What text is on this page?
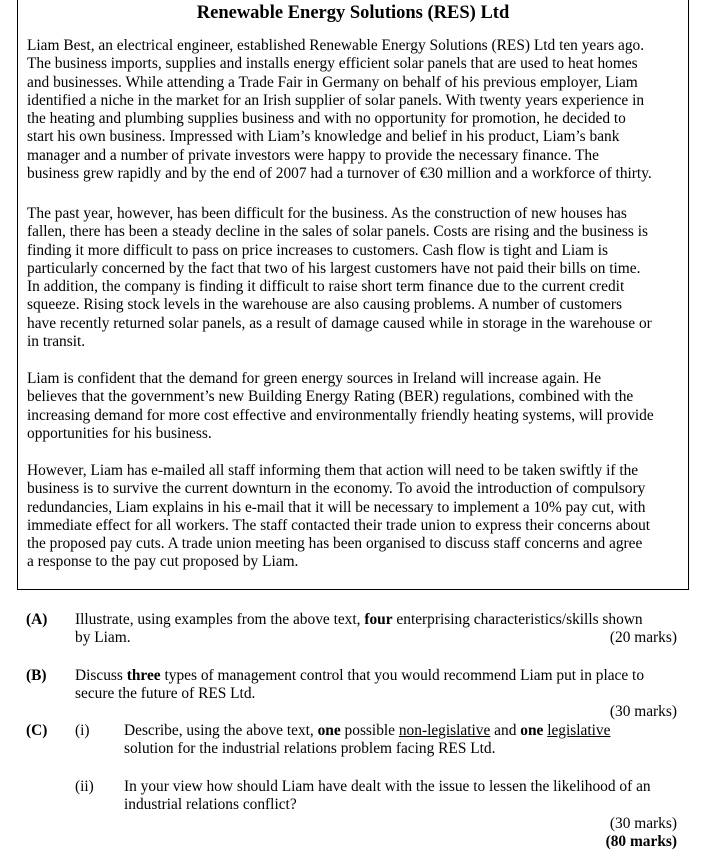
Renewable Energy Solutions (RES) Ltd
Liam Best, an electrical engineer, established Renewable Energy Solutions (RES) Ltd ten years ago.
The business imports, supplies and installs energy efficient solar panels that are used to heat homes
and businesses. While attending a Trade Fair in Germany on behalf of his previous employer, Liam
identified a niche in the market for an Irish supplier of solar panels. With twenty years experience in
the heating and plumbing supplies business and with no opportunity for promotion, he decided to
start his own business. Impressed with Liam’s knowledge and belief in his product, Liam’s bank
manager and a number of private investors were happy to provide the necessary finance. The
business grew rapidly and by the end of 2007 had a turnover of €30 million and a workforce of thirty.
The past year, however, has been difficult for the business. As the construction of new houses has
fallen, there has been a steady decline in the sales of solar panels. Costs are rising and the business is
finding it more difficult to pass on price increases to customers. Cash flow is tight and Liam is
particularly concerned by the fact that two of his largest customers have not paid their bills on time.
In addition, the company is finding it difficult to raise short term finance due to the current credit
squeeze. Rising stock levels in the warehouse are also causing problems. A number of customers
have recently returned solar panels, as a result of damage caused while in storage in the warehouse or
in transit.
Liam is confident that the demand for green energy sources in Ireland will increase again. He
believes that the government’s new Building Energy Rating (BER) regulations, combined with the
increasing demand for more cost effective and environmentally friendly heating systems, will provide
opportunities for his business.
However, Liam has e-mailed all staff informing them that action will need to be taken swiftly if the
business is to survive the current downturn in the economy. To avoid the introduction of compulsory
redundancies, Liam explains in his e-mail that it will be necessary to implement a 10% pay cut, with
immediate effect for all workers. The staff contacted their trade union to express their concerns about
the proposed pay cuts. A trade union meeting has been organised to discuss staff concerns and agree
a response to the pay cut proposed by Liam.
(A) Illustrate, using examples from the above text, four enterprising characteristics/skills shown
by Liam.	(20 marks)
(B) Discuss three types of management control that you would recommend Liam put in place to
secure the future of RES Ltd.
(30 marks)
(C) (i) Describe, using the above text, one possible non-legislative and one legislative
solution for the industrial relations problem facing RES Ltd.
(ii) In your view how should Liam have dealt with the issue to lessen the likelihood of an
industrial relations conflict?
(30 marks)
(80 marks)
